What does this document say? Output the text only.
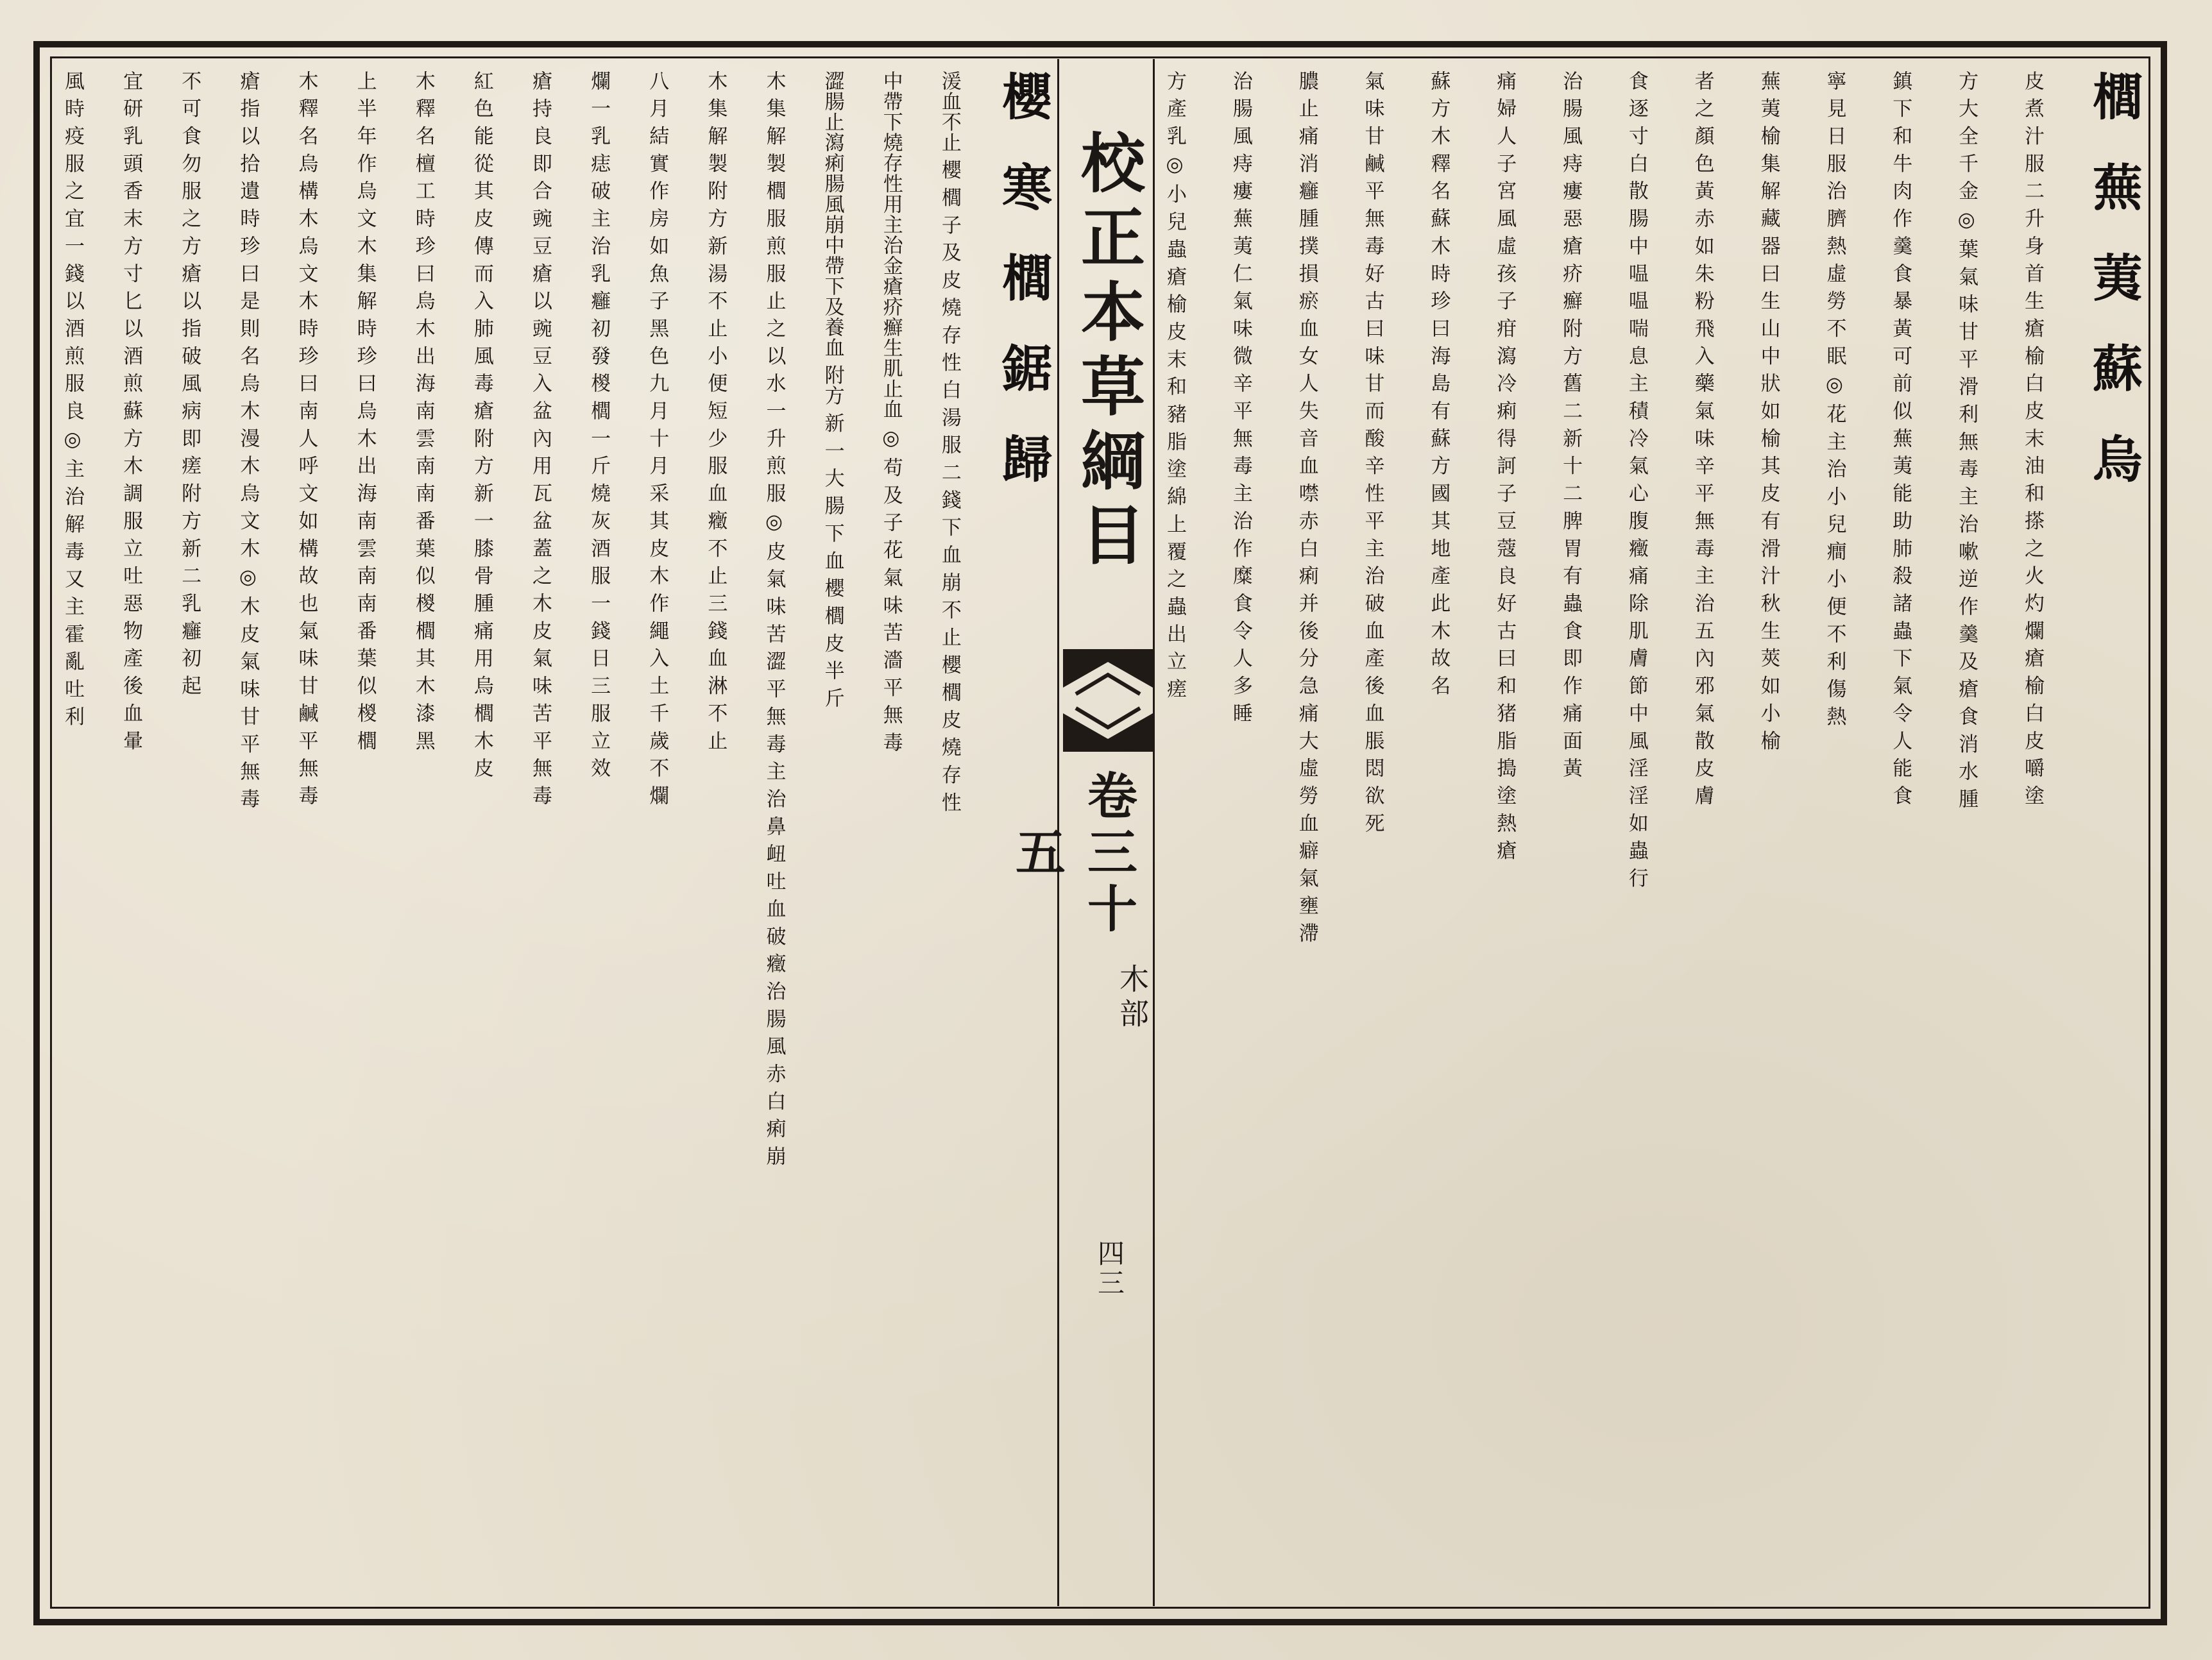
櫻 寒 櫚 鋸 歸
湲血不止 櫻 櫚 子 及 皮 燒 存 性 白 湯 服 二 錢 下 血 崩 不 止 櫻 櫚 皮 燒 存 性
中帶下燒存性用主治金瘡疥癬生肌止血 ◎ 苟 及 子 花 氣 味 苦 濇 平 無 毒
澀腸止瀉痢腸風崩中帶下及養血 附方 新 一 大 腸 下 血 櫻 櫚 皮 半 斤
木 集 解 製 櫚 服 煎 服 止 之 以 水 一 升 煎 服 ◎ 皮 氣 味 苦 澀 平 無 毒 主 治 鼻 衄 吐 血 破 癥 治 腸 風 赤 白 痢 崩
木 集 解 製 附 方 新 湯 不 止 小 便 短 少 服 血 癥 不 止 三 錢 血 淋 不 止
八 月 結 實 作 房 如 魚 子 黑 色 九 月 十 月 采 其 皮 木 作 繩 入 土 千 歲 不 爛
爛 一 乳 痣 破 主 治 乳 癰 初 發 椶 櫚 一 斤 燒 灰 酒 服 一 錢 日 三 服 立 效
瘡 持 良 即 合 豌 豆 瘡 以 豌 豆 入 盆 內 用 瓦 盆 蓋 之 木 皮 氣 味 苦 平 無 毒
紅 色 能 從 其 皮 傳 而 入 肺 風 毒 瘡 附 方 新 一 膝 骨 腫 痛 用 烏 櫚 木 皮
木 釋 名 檀 工 時 珍 曰 烏 木 出 海 南 雲 南 南 番 葉 似 椶 櫚 其 木 漆 黑
上 半 年 作 烏 文 木 集 解 時 珍 曰 烏 木 出 海 南 雲 南 南 番 葉 似 椶 櫚
木 釋 名 烏 構 木 烏 文 木 時 珍 曰 南 人 呼 文 如 構 故 也 氣 味 甘 鹹 平 無 毒
瘡 指 以 拾 遺 時 珍 曰 是 則 名 烏 木 漫 木 烏 文 木 ◎ 木 皮 氣 味 甘 平 無 毒
不 可 食 勿 服 之 方 瘡 以 指 破 風 病 即 瘥 附 方 新 二 乳 癰 初 起
宜 研 乳 頭 香 末 方 寸 匕 以 酒 煎 蘇 方 木 調 服 立 吐 惡 物 產 後 血 暈
風 時 疫 服 之 宜 一 錢 以 酒 煎 服 良 ◎ 主 治 解 毒 又 主 霍 亂 吐 利	校正本草綱目
卷三十五
木部
四三
櫚 蕪 荑 蘇 烏
皮 煮 汁 服 二 升 身 首 生 瘡 榆 白 皮 末 油 和 搽 之 火 灼 爛 瘡 榆 白 皮 嚼 塗
方 大 全 千 金 ◎ 葉 氣 味 甘 平 滑 利 無 毒 主 治 嗽 逆 作 羹 及 瘡 食 消 水 腫
鎮 下 和 牛 肉 作 羹 食 暴 黃 可 前 似 蕪 荑 能 助 肺 殺 諸 蟲 下 氣 令 人 能 食
寧 見 日 服 治 臍 熱 虛 勞 不 眠 ◎ 花 主 治 小 兒 癎 小 便 不 利 傷 熱
蕪 荑 榆 集 解 藏 器 曰 生 山 中 狀 如 榆 其 皮 有 滑 汁 秋 生 莢 如 小 榆
者 之 顏 色 黃 赤 如 朱 粉 飛 入 藥 氣 味 辛 平 無 毒 主 治 五 內 邪 氣 散 皮 膚
食 逐 寸 白 散 腸 中 嗢 嗢 喘 息 主 積 冷 氣 心 腹 癥 痛 除 肌 膚 節 中 風 淫 淫 如 蟲 行
治 腸 風 痔 瘻 惡 瘡 疥 癬 附 方 舊 二 新 十 二 脾 胃 有 蟲 食 即 作 痛 面 黃
痛 婦 人 子 宮 風 虛 孩 子 疳 瀉 冷 痢 得 訶 子 豆 蔻 良 好 古 曰 和 猪 脂 搗 塗 熱 瘡
蘇 方 木 釋 名 蘇 木 時 珍 曰 海 島 有 蘇 方 國 其 地 產 此 木 故 名
氣 味 甘 鹹 平 無 毒 好 古 曰 味 甘 而 酸 辛 性 平 主 治 破 血 產 後 血 脹 悶 欲 死
膿 止 痛 消 癰 腫 撲 損 瘀 血 女 人 失 音 血 噤 赤 白 痢 并 後 分 急 痛 大 虛 勞 血 癖 氣 壅 滯
治 腸 風 痔 瘻 蕪 荑 仁 氣 味 微 辛 平 無 毒 主 治 作 糜 食 令 人 多 睡
方 產 乳 ◎ 小 兒 蟲 瘡 榆 皮 末 和 豬 脂 塗 綿 上 覆 之 蟲 出 立 瘥
